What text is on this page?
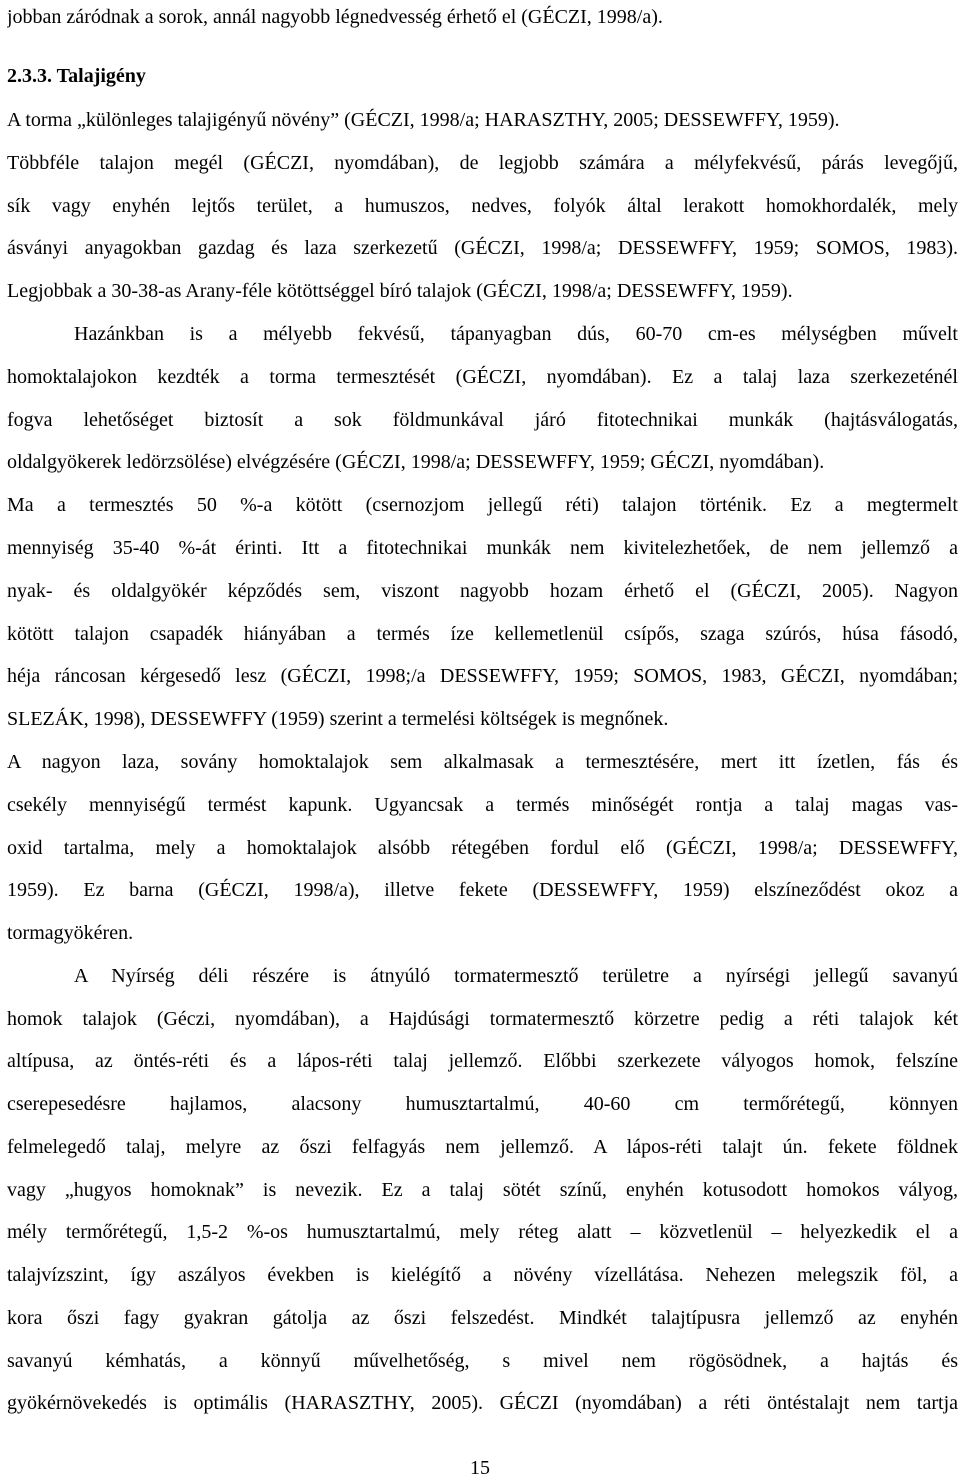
jobban záródnak a sorok, annál nagyobb légnedvesség érhető el (GÉCZI, 1998/a).
2.3.3. Talajigény
A torma „különleges talajigényű növény” (GÉCZI, 1998/a; HARASZTHY, 2005; DESSEWFFY, 1959).
Többféle talajon megél (GÉCZI, nyomdában), de legjobb számára a mélyfekvésű, párás levegőjű,
sík vagy enyhén lejtős terület, a humuszos, nedves, folyók által lerakott homokhordalék, mely
ásványi anyagokban gazdag és laza szerkezetű (GÉCZI, 1998/a; DESSEWFFY, 1959; SOMOS, 1983).
Legjobbak a 30-38-as Arany-féle kötöttséggel bíró talajok (GÉCZI, 1998/a; DESSEWFFY, 1959).
Hazánkban is a mélyebb fekvésű, tápanyagban dús, 60-70 cm-es mélységben művelt
homoktalajokon kezdték a torma termesztését (GÉCZI, nyomdában). Ez a talaj laza szerkezeténél
fogva lehetőséget biztosít a sok földmunkával járó fitotechnikai munkák (hajtásválogatás,
oldalgyökerek ledörzsölése) elvégzésére (GÉCZI, 1998/a; DESSEWFFY, 1959; GÉCZI, nyomdában).
Ma a termesztés 50 %-a kötött (csernozjom jellegű réti) talajon történik. Ez a megtermelt
mennyiség 35-40 %-át érinti. Itt a fitotechnikai munkák nem kivitelezhetőek, de nem jellemző a
nyak- és oldalgyökér képződés sem, viszont nagyobb hozam érhető el (GÉCZI, 2005). Nagyon
kötött talajon csapadék hiányában a termés íze kellemetlenül csípős, szaga szúrós, húsa fásodó,
héja ráncosan kérgesedő lesz (GÉCZI, 1998;/a DESSEWFFY, 1959; SOMOS, 1983, GÉCZI, nyomdában;
SLEZÁK, 1998), DESSEWFFY (1959) szerint a termelési költségek is megnőnek.
A nagyon laza, sovány homoktalajok sem alkalmasak a termesztésére, mert itt ízetlen, fás és
csekély mennyiségű termést kapunk. Ugyancsak a termés minőségét rontja a talaj magas vas-
oxid tartalma, mely a homoktalajok alsóbb rétegében fordul elő (GÉCZI, 1998/a; DESSEWFFY,
1959). Ez barna (GÉCZI, 1998/a), illetve fekete (DESSEWFFY, 1959) elszíneződést okoz a
tormagyökéren.
A Nyírség déli részére is átnyúló tormatermesztő területre a nyírségi jellegű savanyú
homok talajok (Géczi, nyomdában), a Hajdúsági tormatermesztő körzetre pedig a réti talajok két
altípusa, az öntés-réti és a lápos-réti talaj jellemző. Előbbi szerkezete vályogos homok, felszíne
cserepesedésre hajlamos, alacsony humusztartalmú, 40-60 cm termőrétegű, könnyen
felmelegedő talaj, melyre az őszi felfagyás nem jellemző. A lápos-réti talajt ún. fekete földnek
vagy „hugyos homoknak” is nevezik. Ez a talaj sötét színű, enyhén kotusodott homokos vályog,
mély termőrétegű, 1,5-2 %-os humusztartalmú, mely réteg alatt – közvetlenül – helyezkedik el a
talajvízszint, így aszályos években is kielégítő a növény vízellátása. Nehezen melegszik föl, a
kora őszi fagy gyakran gátolja az őszi felszedést. Mindkét talajtípusra jellemző az enyhén
savanyú kémhatás, a könnyű művelhetőség, s mivel nem rögösödnek, a hajtás és
gyökérnövekedés is optimális (HARASZTHY, 2005). GÉCZI (nyomdában) a réti öntéstalajt nem tartja
15
